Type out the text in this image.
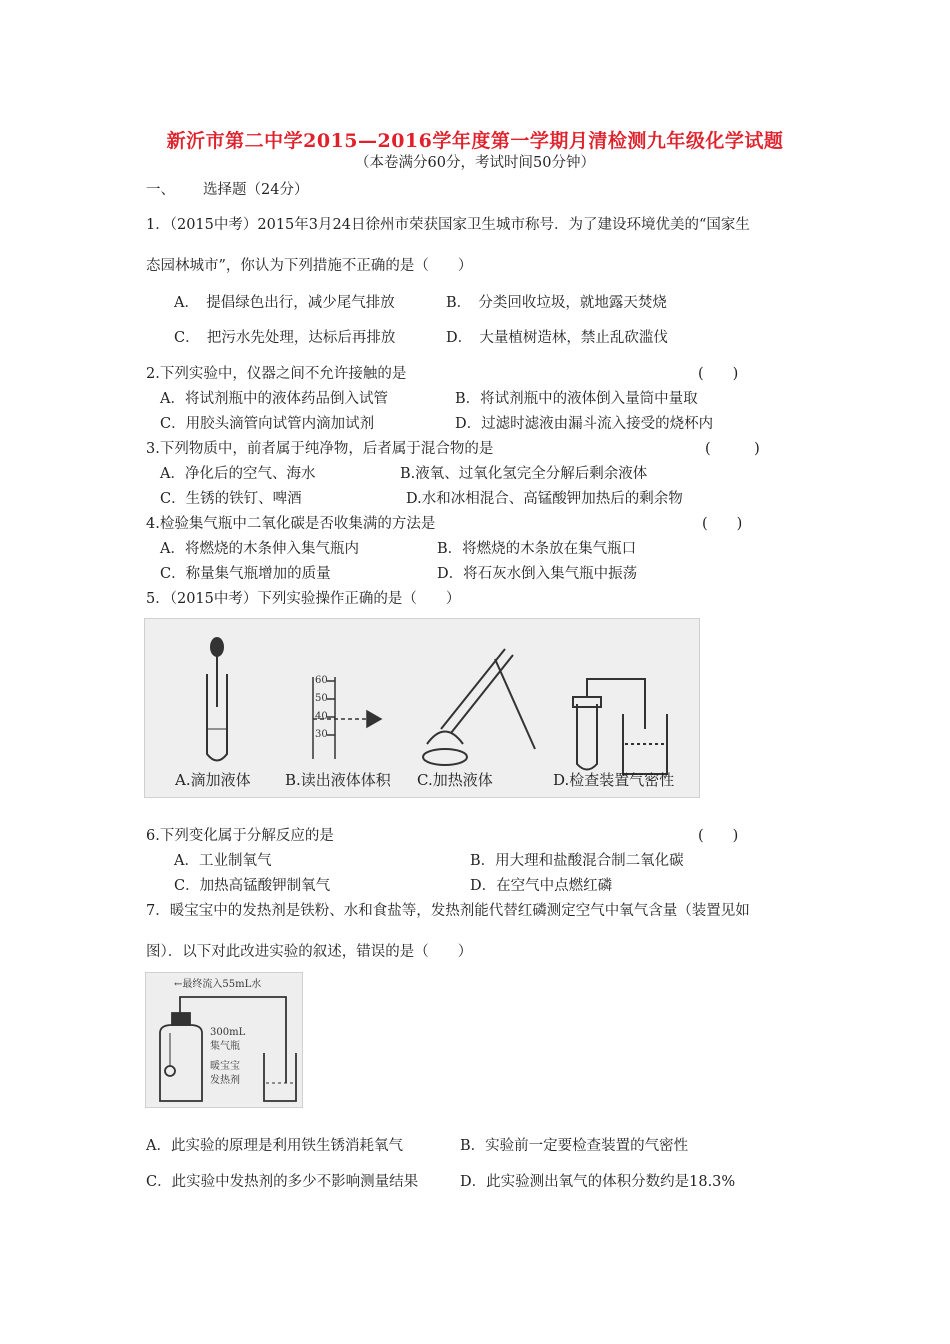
新沂市第二中学2015—2016学年度第一学期月清检测九年级化学试题
（本卷满分60分，考试时间50分钟）
一、 选择题（24分）
1．（2015中考）2015年3月24日徐州市荣获国家卫生城市称号．为了建设环境优美的“国家生
态园林城市”，你认为下列措施不正确的是（　　）
A．　提倡绿色出行，减少尾气排放	B．　分类回收垃圾，就地露天焚烧
C．　把污水先处理，达标后再排放	D．　大量植树造林，禁止乱砍滥伐
2.下列实验中，仪器之间不允许接触的是	(　　)
A．将试剂瓶中的液体药品倒入试管	B．将试剂瓶中的液体倒入量筒中量取
C．用胶头滴管向试管内滴加试剂	D．过滤时滤液由漏斗流入接受的烧杯内
3.下列物质中，前者属于纯净物，后者属于混合物的是	(　　　)
A．净化后的空气、海水	B.液氧、过氧化氢完全分解后剩余液体
C．生锈的铁钉、啤酒	D.水和冰相混合、高锰酸钾加热后的剩余物
4.检验集气瓶中二氧化碳是否收集满的方法是	(　　)
A．将燃烧的木条伸入集气瓶内	B．将燃烧的木条放在集气瓶口
C．称量集气瓶增加的质量	D．将石灰水倒入集气瓶中振荡
5．（2015中考）下列实验操作正确的是（　　）
60
50
40
30
A.滴加液体 B.读出液体体积 C.加热液体	D.检查装置气密性
6.下列变化属于分解反应的是	(　　)
A．工业制氧气	B．用大理和盐酸混合制二氧化碳
C．加热高锰酸钾制氧气	D．在空气中点燃红磷
7．暖宝宝中的发热剂是铁粉、水和食盐等，发热剂能代替红磷测定空气中氧气含量（装置见如
图）．以下对此改进实验的叙述，错误的是（　　）
←最终流入55mL水
300mL
集气瓶
暖宝宝
发热剂
A．此实验的原理是利用铁生锈消耗氧气	B．实验前一定要检查装置的气密性
C．此实验中发热剂的多少不影响测量结果	D．此实验测出氧气的体积分数约是18.3%
